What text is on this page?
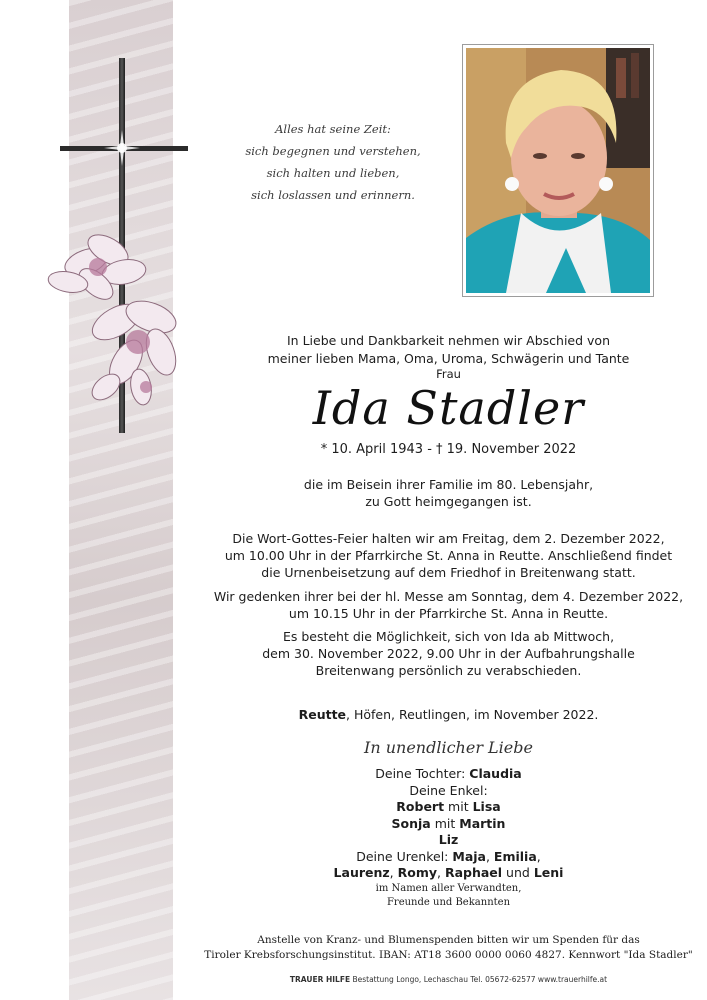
Alles hat seine Zeit:
sich begegnen und verstehen,
sich halten und lieben,
sich loslassen und erinnern.
In Liebe und Dankbarkeit nehmen wir Abschied von
meiner lieben Mama, Oma, Uroma, Schwägerin und Tante
Frau
Ida Stadler
* 10. April 1943 - † 19. November 2022
die im Beisein ihrer Familie im 80. Lebensjahr,
zu Gott heimgegangen ist.
Die Wort-Gottes-Feier halten wir am Freitag, dem 2. Dezember 2022,
um 10.00 Uhr in der Pfarrkirche St. Anna in Reutte. Anschließend findet
die Urnenbeisetzung auf dem Friedhof in Breitenwang statt.
Wir gedenken ihrer bei der hl. Messe am Sonntag, dem 4. Dezember 2022,
um 10.15 Uhr in der Pfarrkirche St. Anna in Reutte.
Es besteht die Möglichkeit, sich von Ida ab Mittwoch,
dem 30. November 2022, 9.00 Uhr in der Aufbahrungshalle
Breitenwang persönlich zu verabschieden.
Reutte, Höfen, Reutlingen, im November 2022.
In unendlicher Liebe
Deine Tochter: Claudia
Deine Enkel:
Robert mit Lisa
Sonja mit Martin
Liz
Deine Urenkel: Maja, Emilia,
Laurenz, Romy, Raphael und Leni
im Namen aller Verwandten,
Freunde und Bekannten
Anstelle von Kranz- und Blumenspenden bitten wir um Spenden für das
Tiroler Krebsforschungsinstitut. IBAN: AT18 3600 0000 0060 4827. Kennwort "Ida Stadler"
TRAUER HILFE Bestattung Longo, Lechaschau Tel. 05672-62577 www.trauerhilfe.at
